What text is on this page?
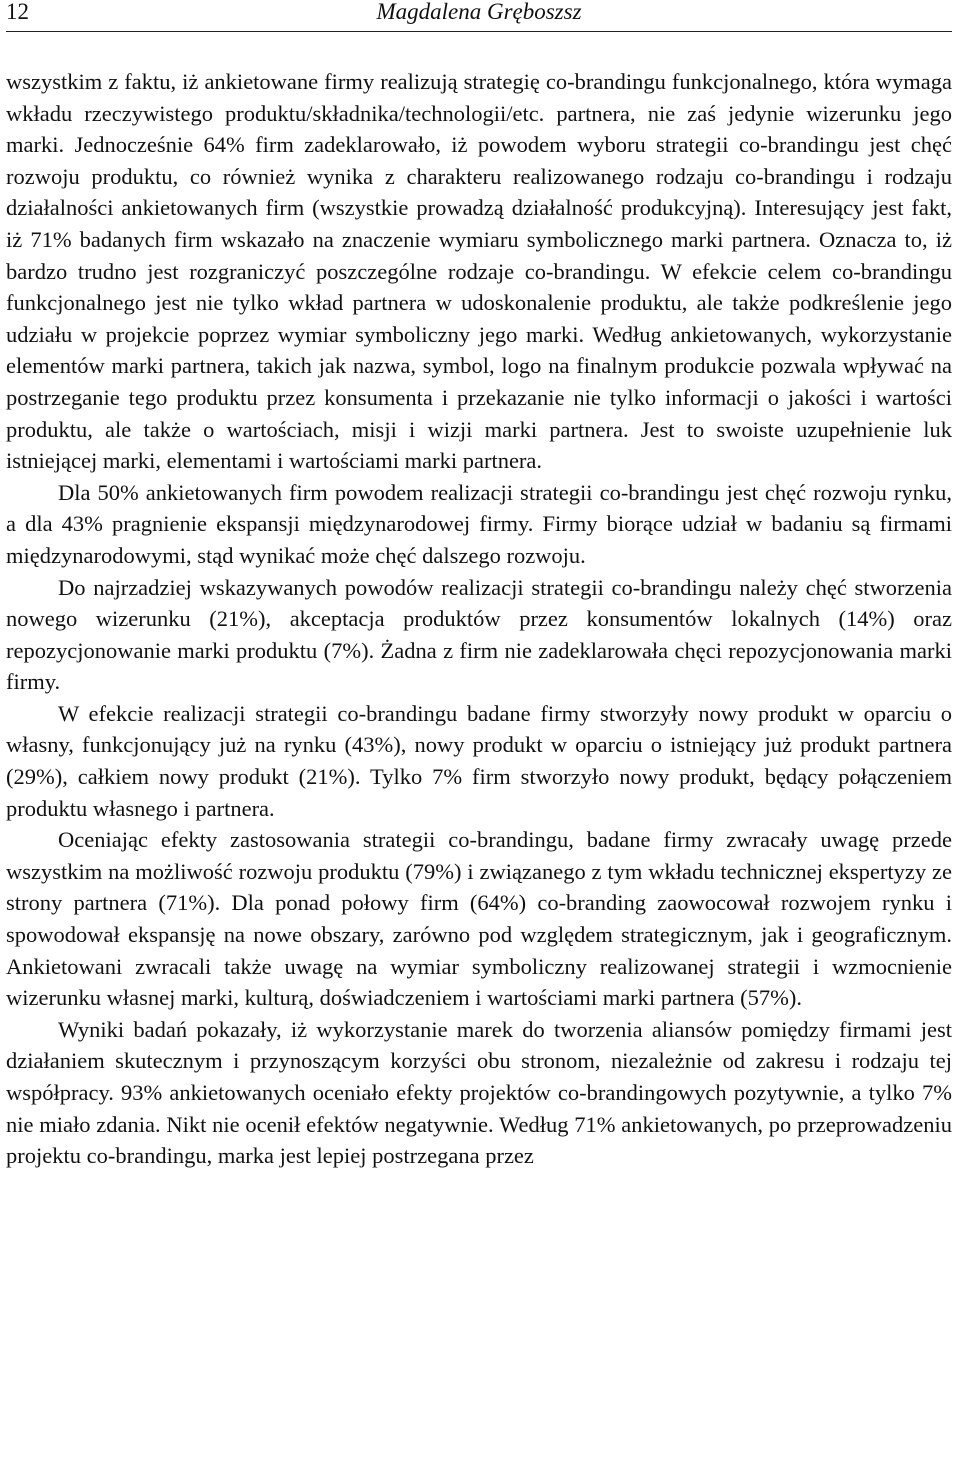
12	Magdalena Gręboszsz

wszystkim z faktu, iż ankietowane firmy realizują strategię co-brandingu funkcjonalnego, która wymaga wkładu rzeczywistego produktu/składnika/technologii/etc. partnera, nie zaś jedynie wizerunku jego marki. Jednocześnie 64% firm zadeklarowało, iż powodem wyboru strategii co-brandingu jest chęć rozwoju produktu, co również wynika z charakteru realizowanego rodzaju co-brandingu i rodzaju działalności ankietowanych firm (wszystkie prowadzą działalność produkcyjną). Interesujący jest fakt, iż 71% badanych firm wskazało na znaczenie wymiaru symbolicznego marki partnera. Oznacza to, iż bardzo trudno jest rozgraniczyć poszczególne rodzaje co-brandingu. W efekcie celem co-brandingu funkcjonalnego jest nie tylko wkład partnera w udoskonalenie produktu, ale także podkreślenie jego udziału w projekcie poprzez wymiar symboliczny jego marki. Według ankietowanych, wykorzystanie elementów marki partnera, takich jak nazwa, symbol, logo na finalnym produkcie pozwala wpływać na postrzeganie tego produktu przez konsumenta i przekazanie nie tylko informacji o jakości i wartości produktu, ale także o wartościach, misji i wizji marki partnera. Jest to swoiste uzupełnienie luk istniejącej marki, elementami i wartościami marki partnera.

Dla 50% ankietowanych firm powodem realizacji strategii co-brandingu jest chęć rozwoju rynku, a dla 43% pragnienie ekspansji międzynarodowej firmy. Firmy biorące udział w badaniu są firmami międzynarodowymi, stąd wynikać może chęć dalszego rozwoju.

Do najrzadziej wskazywanych powodów realizacji strategii co-brandingu należy chęć stworzenia nowego wizerunku (21%), akceptacja produktów przez konsumentów lokalnych (14%) oraz repozycjonowanie marki produktu (7%). Żadna z firm nie zadeklarowała chęci repozycjonowania marki firmy.

W efekcie realizacji strategii co-brandingu badane firmy stworzyły nowy produkt w oparciu o własny, funkcjonujący już na rynku (43%), nowy produkt w oparciu o istniejący już produkt partnera (29%), całkiem nowy produkt (21%). Tylko 7% firm stworzyło nowy produkt, będący połączeniem produktu własnego i partnera.

Oceniając efekty zastosowania strategii co-brandingu, badane firmy zwracały uwagę przede wszystkim na możliwość rozwoju produktu (79%) i związanego z tym wkładu technicznej ekspertyzy ze strony partnera (71%). Dla ponad połowy firm (64%) co-branding zaowocował rozwojem rynku i spowodował ekspansję na nowe obszary, zarówno pod względem strategicznym, jak i geograficznym. Ankietowani zwracali także uwagę na wymiar symboliczny realizowanej strategii i wzmocnienie wizerunku własnej marki, kulturą, doświadczeniem i wartościami marki partnera (57%).

Wyniki badań pokazały, iż wykorzystanie marek do tworzenia aliansów pomiędzy firmami jest działaniem skutecznym i przynoszącym korzyści obu stronom, niezależnie od zakresu i rodzaju tej współpracy. 93% ankietowanych oceniało efekty projektów co-brandingowych pozytywnie, a tylko 7% nie miało zdania. Nikt nie ocenił efektów negatywnie. Według 71% ankietowanych, po przeprowadzeniu projektu co-brandingu, marka jest lepiej postrzegana przez
